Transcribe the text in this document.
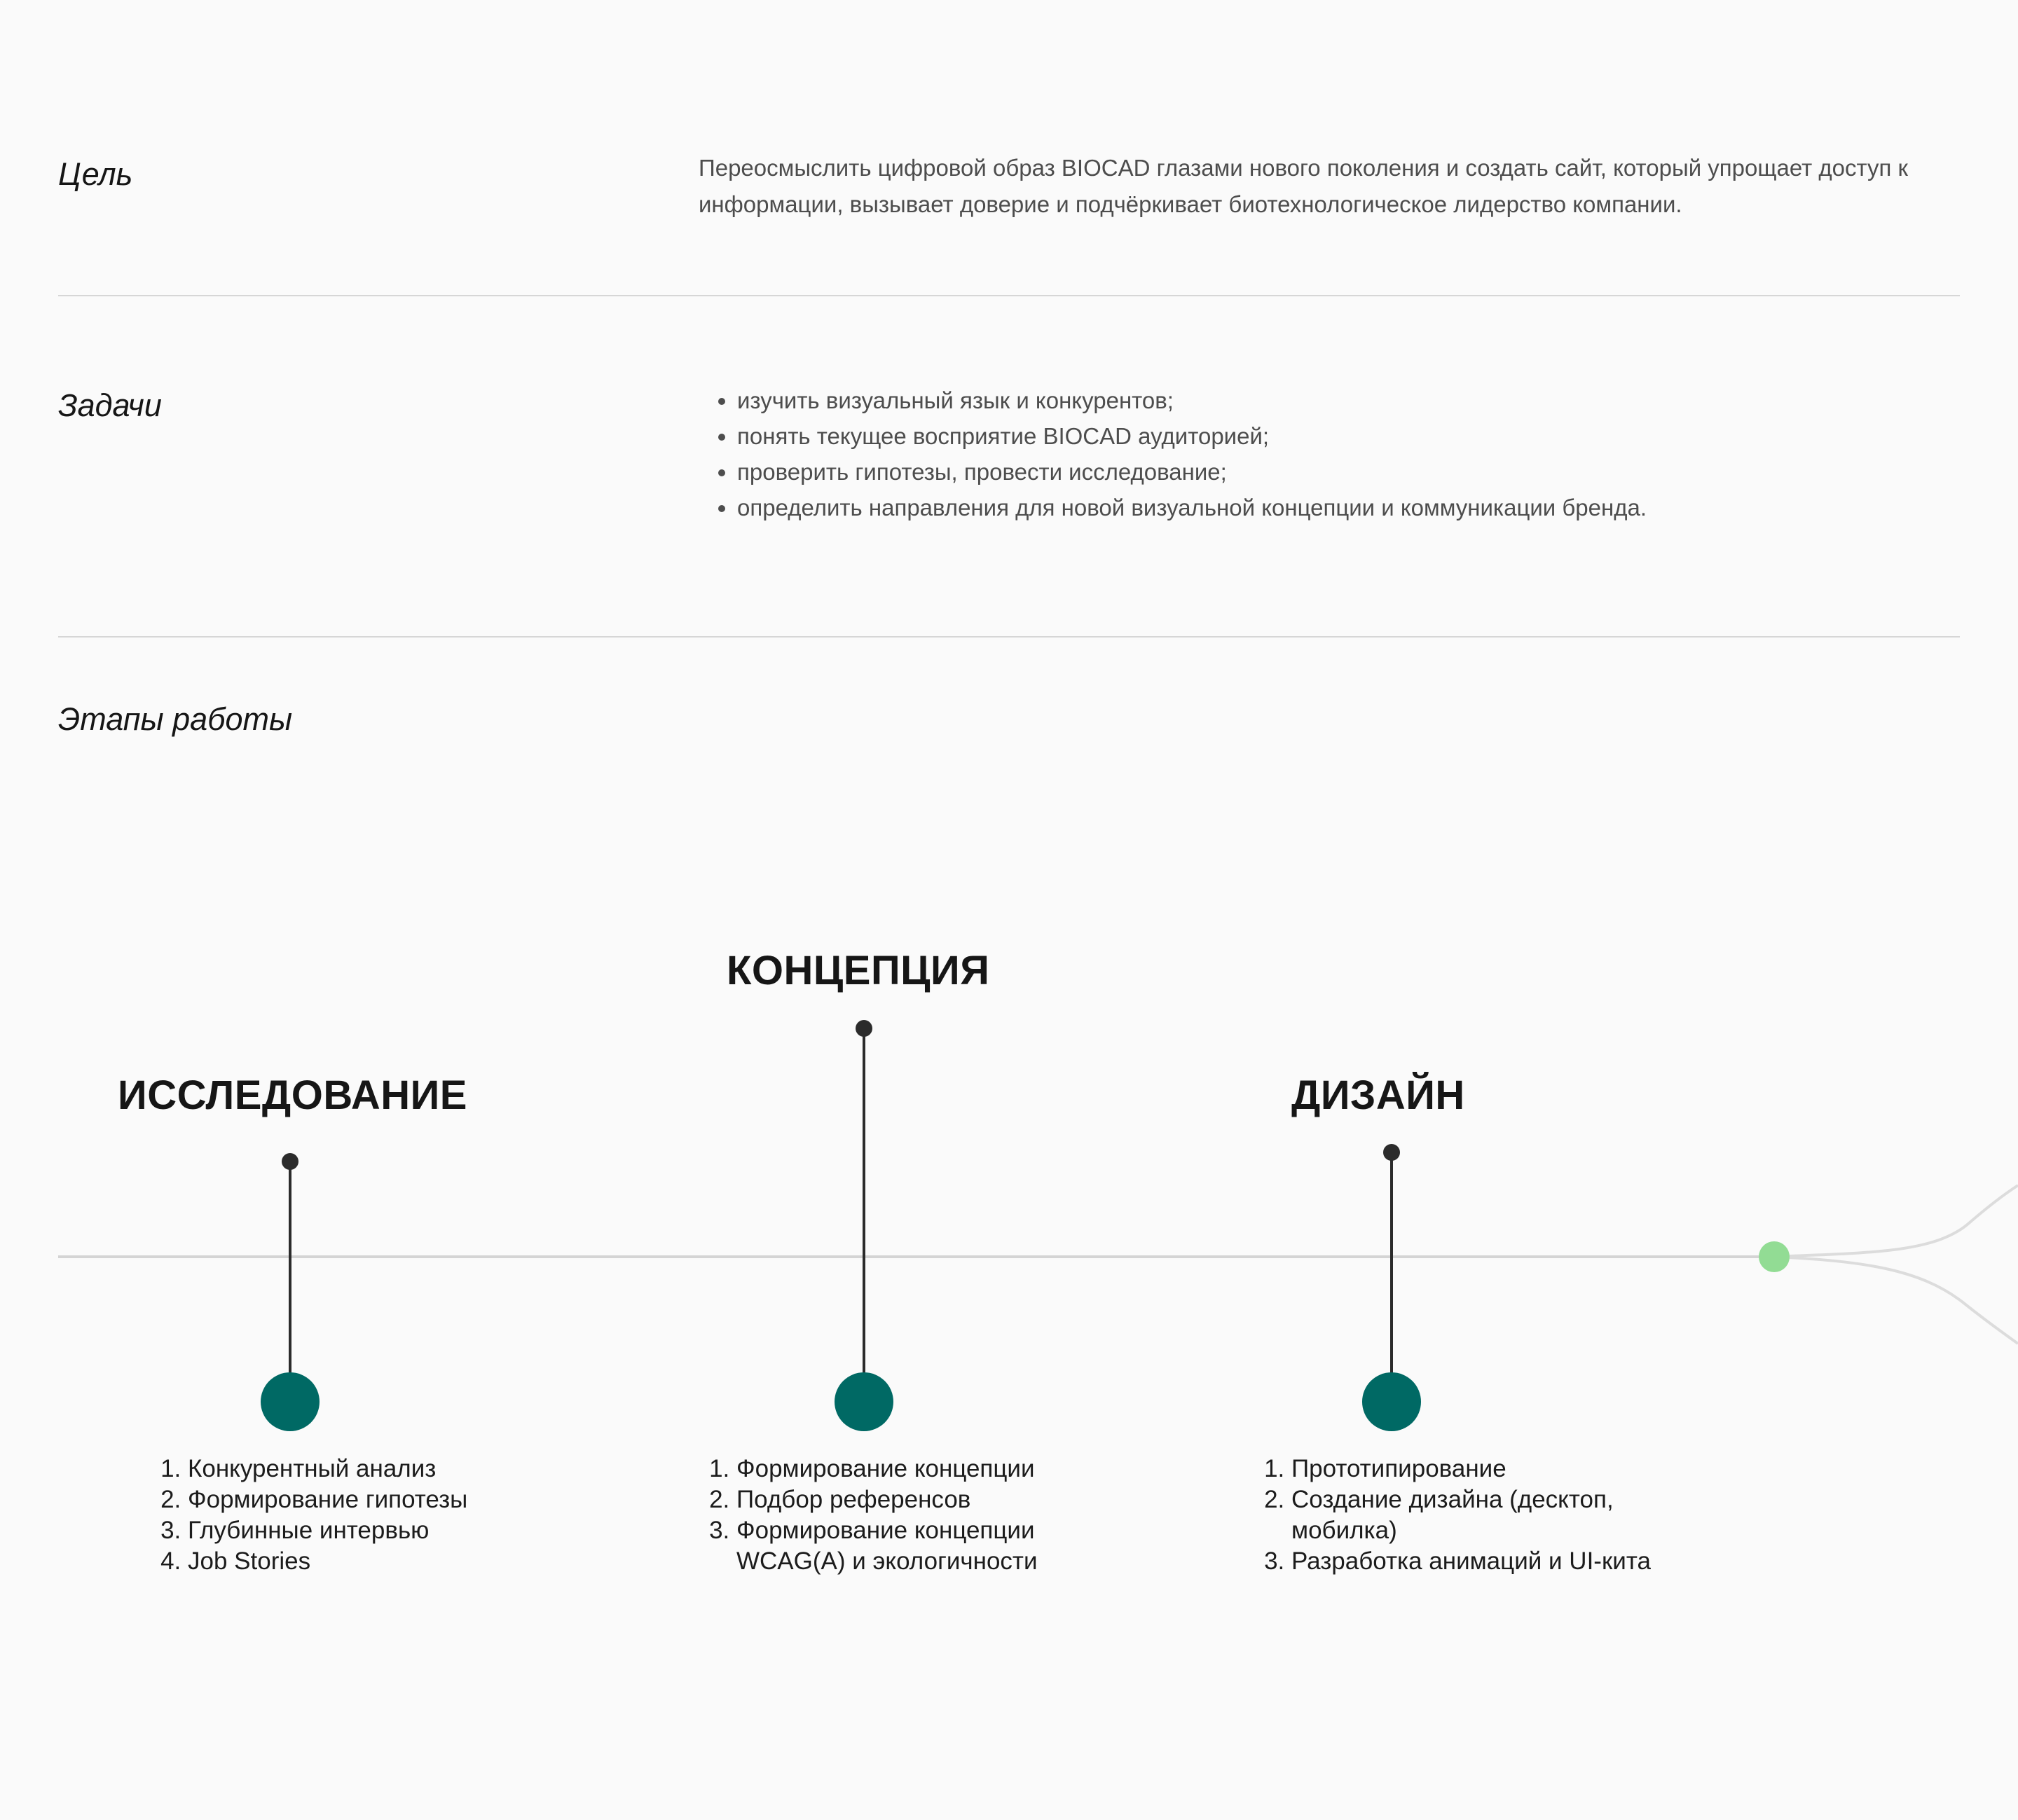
Цель	Переосмыслить цифровой образ BIOCAD глазами нового поколения и создать сайт, который упрощает доступ к информации, вызывает доверие и подчёркивает биотехнологическое лидерство компании.
Задачи
•	изучить визуальный язык и конкурентов;
• понять текущее восприятие BIOCAD аудиторией;
• проверить гипотезы, провести исследование;
• определить направления для новой визуальной концепции и коммуникации бренда.
Этапы работы
ИССЛЕДОВАНИЕ
КОНЦЕПЦИЯ
ДИЗАЙН
1. Конкурентный анализ
2. Формирование гипотезы
3. Глубинные интервью
4. Job Stories
1. Формирование концепции
2. Подбор референсов
3. Формирование концепции WCAG(A) и экологичности
1. Прототипирование
2. Создание дизайна (десктоп, мобилка)
3. Разработка анимаций и UI-кита
